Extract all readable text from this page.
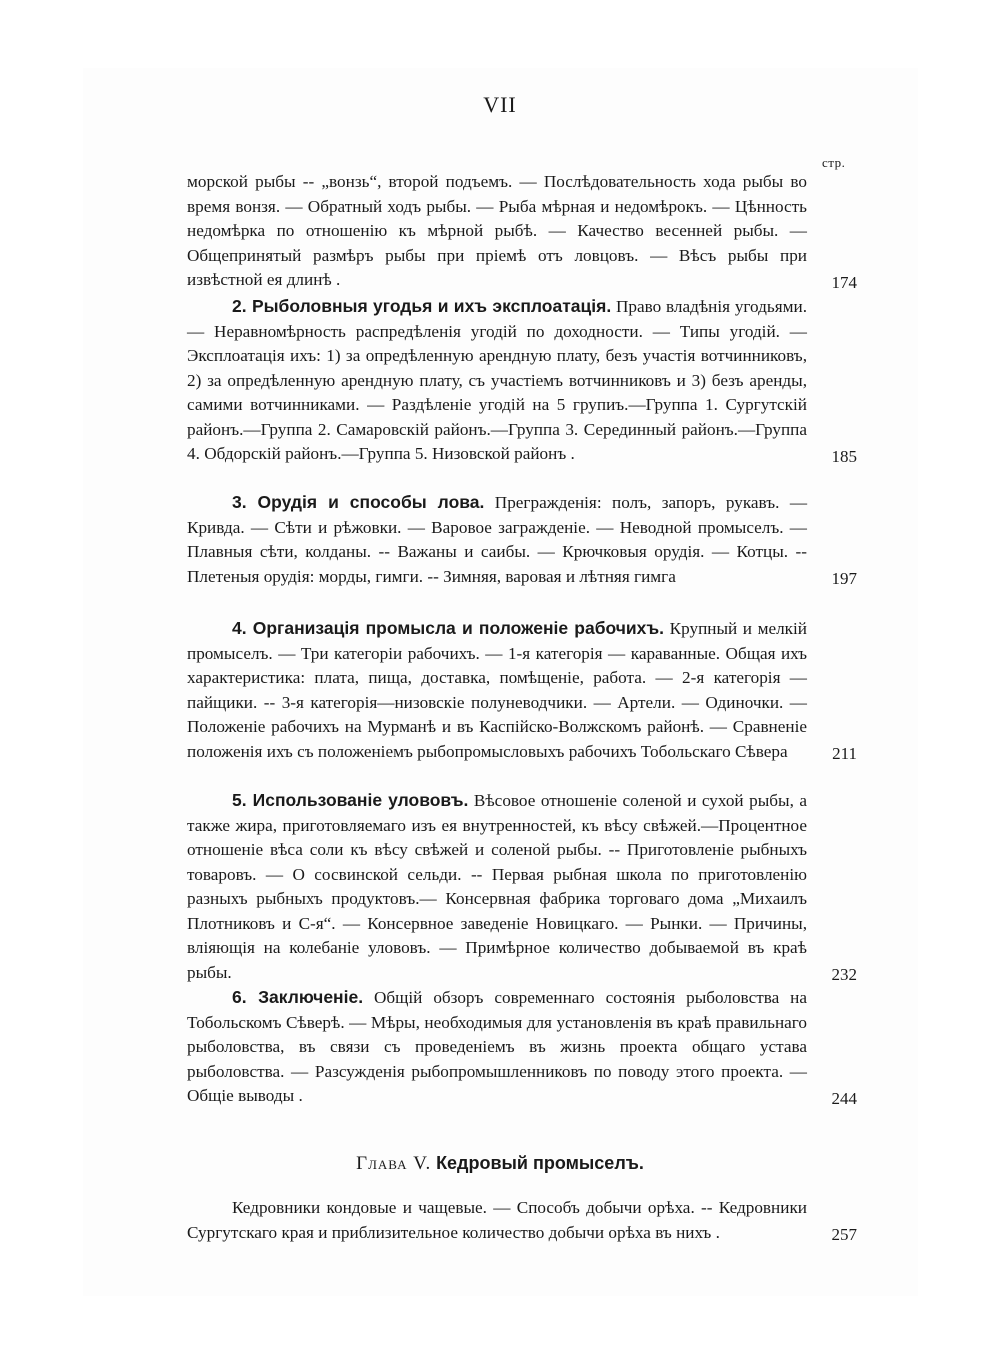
VII
стр.
морской рыбы -- „вонзь“, второй подъемъ. — Послѣдовательность хода рыбы во время вонзя. — Обратный ходъ рыбы. — Рыба мѣрная и недомѣрокъ. — Цѣнность недомѣрка по отношенію къ мѣрной рыбѣ. — Качество весенней рыбы. — Общепринятый размѣръ рыбы при пріемѣ отъ ловцовъ. — Вѣсъ рыбы при извѣстной ея длинѣ .	174
2. Рыболовныя угодья и ихъ эксплоатація. Право владѣнія угодьями. — Неравномѣрность распредѣленія угодій по доходности. — Типы угодій. — Эксплоатація ихъ: 1) за опредѣленную арендную плату, безъ участія вотчинниковъ, 2) за опредѣленную арендную плату, съ участіемъ вотчинниковъ и 3) безъ аренды, самими вотчинниками. — Раздѣленіе угодій на 5 групиъ.—Группа 1. Сургутскій районъ.—Группа 2. Самаровскій районъ.—Группа 3. Серединный районъ.—Группа 4. Обдорскій районъ.—Группа 5. Низовской районъ .	185
3. Орудія и способы лова. Прегражденія: полъ, запоръ, рукавъ. — Кривда. — Сѣти и рѣжовки. — Варовое загражденіе. — Неводной промыселъ. — Плавныя сѣти, колданы. -- Важаны и саибы. — Крючковыя орудія. — Котцы. -- Плетеныя орудія: морды, гимги. -- Зимняя, варовая и лѣтняя гимга	197
4. Организація промысла и положеніе рабочихъ. Крупный и мелкій промыселъ. — Три категоріи рабочихъ. — 1-я категорія — караванные. Общая ихъ характеристика: плата, пища, доставка, помѣщеніе, работа. — 2-я категорія — пайщики. -- 3-я категорія—низовскіе полуневодчики. — Артели. — Одиночки. — Положеніе рабочихъ на Мурманѣ и въ Каспійско-Волжскомъ районѣ. — Сравненіе положенія ихъ съ положеніемъ рыбопромысловыхъ рабочихъ Тобольскаго Сѣвера	211
5. Использованіе улововъ. Вѣсовое отношеніе соленой и сухой рыбы, а также жира, приготовляемаго изъ ея внутренностей, къ вѣсу свѣжей.—Процентное отношеніе вѣса соли къ вѣсу свѣжей и соленой рыбы. -- Приготовленіе рыбныхъ товаровъ. — О сосвинской сельди. -- Первая рыбная школа по приготовленію разныхъ рыбныхъ продуктовъ.— Консервная фабрика торговаго дома „Михаилъ Плотниковъ и С-я“. — Консервное заведеніе Новицкаго. — Рынки. — Причины, вліяющія на колебаніе улововъ. — Примѣрное количество добываемой въ краѣ рыбы.	232
6. Заключеніе. Общій обзоръ современнаго состоянія рыболовства на Тобольскомъ Сѣверѣ. — Мѣры, необходимыя для установленія въ краѣ правильнаго рыболовства, въ связи съ проведеніемъ въ жизнь проекта общаго устава рыболовства. — Разсужденія рыбопромышленниковъ по поводу этого проекта. — Общіе выводы .	244
Глава V. Кедровый промыселъ.
Кедровники кондовые и чащевые. — Способъ добычи орѣха. -- Кедровники Сургутскаго края и приблизительное количество добычи орѣха въ нихъ .	257
